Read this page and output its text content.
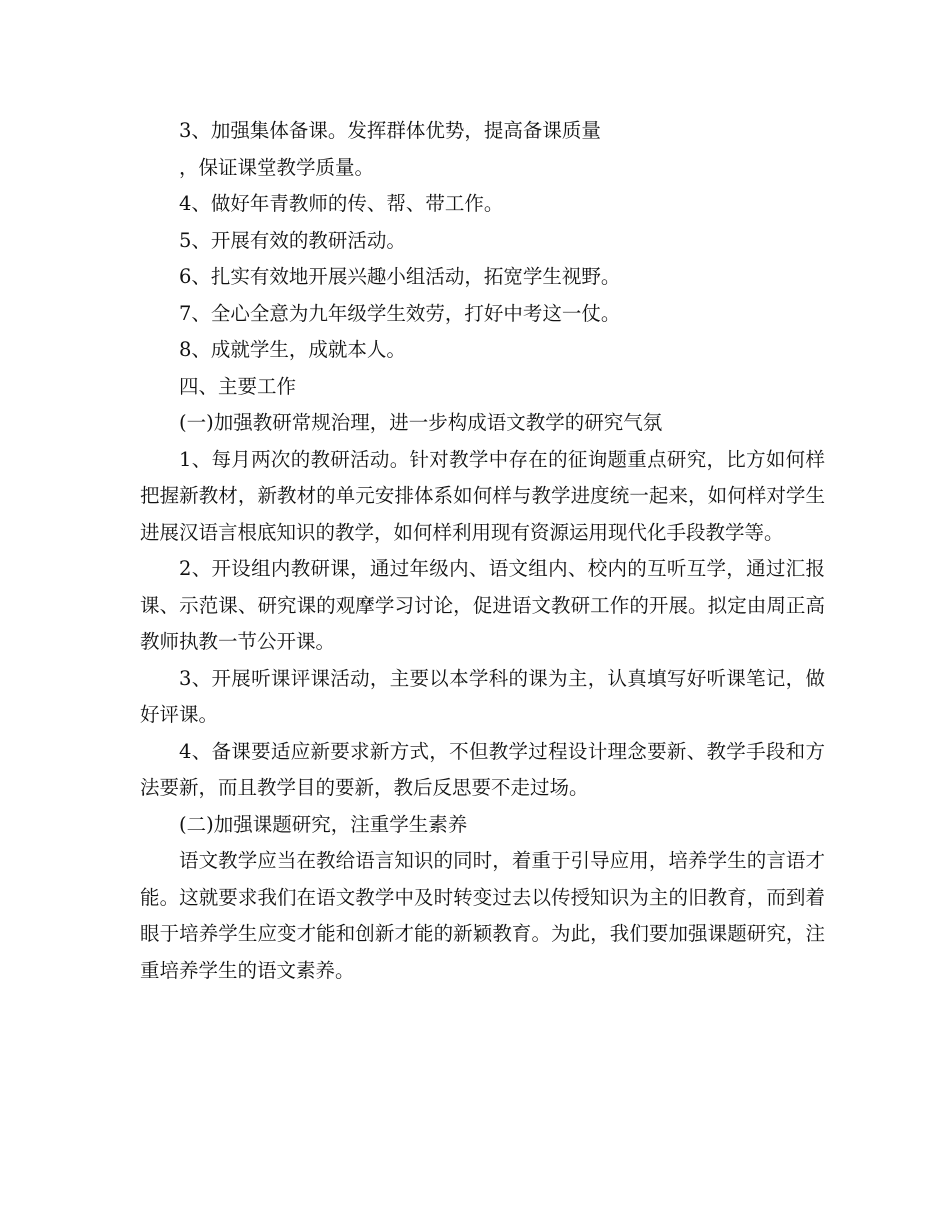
3、加强集体备课。发挥群体优势，提高备课质量

，保证课堂教学质量。

4、做好年青教师的传、帮、带工作。

5、开展有效的教研活动。

6、扎实有效地开展兴趣小组活动，拓宽学生视野。

7、全心全意为九年级学生效劳，打好中考这一仗。

8、成就学生，成就本人。

四、主要工作

(一)加强教研常规治理，进一步构成语文教学的研究气氛

1、每月两次的教研活动。针对教学中存在的征询题重点研究，比方如何样把握新教材，新教材的单元安排体系如何样与教学进度统一起来，如何样对学生进展汉语言根底知识的教学，如何样利用现有资源运用现代化手段教学等。

2、开设组内教研课，通过年级内、语文组内、校内的互听互学，通过汇报课、示范课、研究课的观摩学习讨论，促进语文教研工作的开展。拟定由周正高教师执教一节公开课。

3、开展听课评课活动，主要以本学科的课为主，认真填写好听课笔记，做好评课。

4、备课要适应新要求新方式，不但教学过程设计理念要新、教学手段和方法要新，而且教学目的要新，教后反思要不走过场。

(二)加强课题研究，注重学生素养

语文教学应当在教给语言知识的同时，着重于引导应用，培养学生的言语才能。这就要求我们在语文教学中及时转变过去以传授知识为主的旧教育，而到着眼于培养学生应变才能和创新才能的新颖教育。为此，我们要加强课题研究，注重培养学生的语文素养。
